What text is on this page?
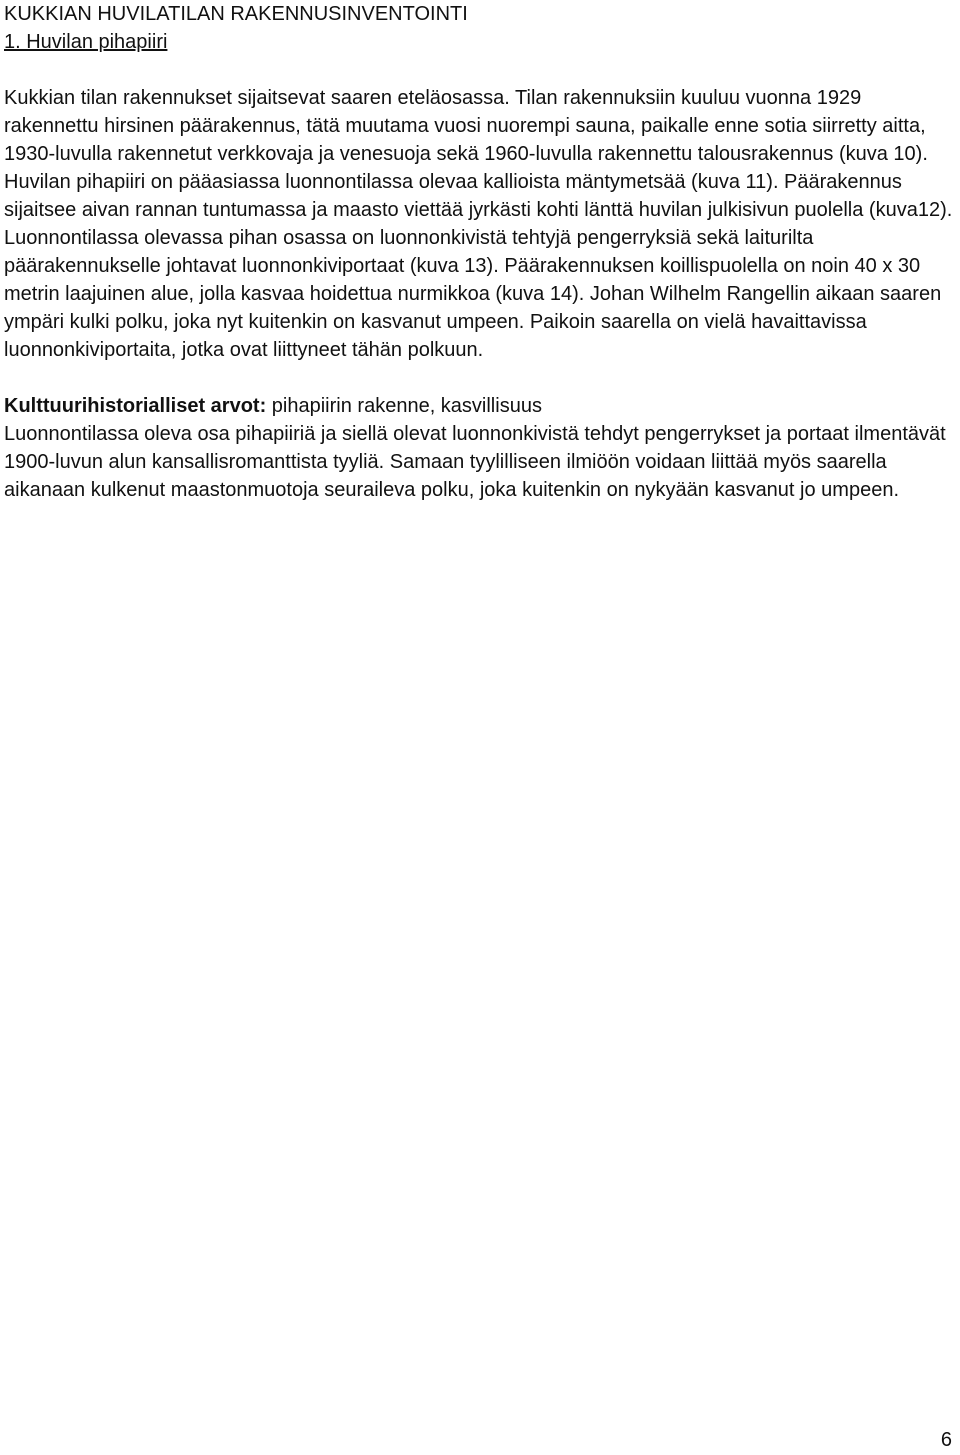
KUKKIAN HUVILATILAN RAKENNUSINVENTOINTI

1. Huvilan pihapiiri

Kukkian tilan rakennukset sijaitsevat saaren eteläosassa. Tilan rakennuksiin kuuluu vuonna 1929 rakennettu hirsinen päärakennus, tätä muutama vuosi nuorempi sauna, paikalle enne sotia siirretty aitta, 1930-luvulla rakennetut verkkovaja ja venesuoja sekä 1960-luvulla rakennettu talousrakennus (kuva 10). Huvilan pihapiiri on pääasiassa luonnontilassa olevaa kallioista mäntymetsää (kuva 11). Päärakennus sijaitsee aivan rannan tuntumassa ja maasto viettää jyrkästi kohti länttä huvilan julkisivun puolella (kuva12). Luonnontilassa olevassa pihan osassa on luonnonkivistä tehtyjä pengerryksiä sekä laiturilta päärakennukselle johtavat luonnonkiviportaat (kuva 13). Päärakennuksen koillispuolella on noin 40 x 30 metrin laajuinen alue, jolla kasvaa hoidettua nurmikkoa (kuva 14). Johan Wilhelm Rangellin aikaan saaren ympäri kulki polku, joka nyt kuitenkin on kasvanut umpeen. Paikoin saarella on vielä havaittavissa luonnonkiviportaita, jotka ovat liittyneet tähän polkuun.

Kulttuurihistorialliset arvot: pihapiirin rakenne, kasvillisuus

Luonnontilassa oleva osa pihapiiriä ja siellä olevat luonnonkivistä tehdyt pengerrykset ja portaat ilmentävät 1900-luvun alun kansallisromanttista tyyliä. Samaan tyylilliseen ilmiöön voidaan liittää myös saarella aikanaan kulkenut maastonmuotoja seuraileva polku, joka kuitenkin on nykyään kasvanut jo umpeen.

6
